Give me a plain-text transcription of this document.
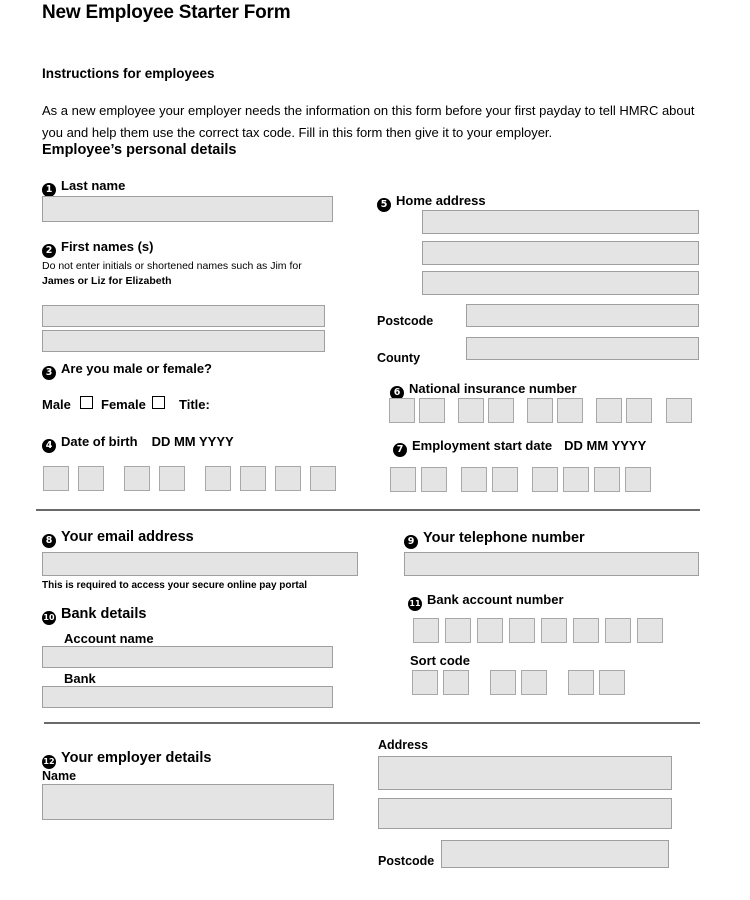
New Employee Starter Form
Instructions for employees
As a new employee your employer needs the information on this form before your first payday to tell HMRC about you and help them use the correct tax code. Fill in this form then give it to your employer.
Employee’s personal details
1 Last name
2 First names (s)
Do not enter initials or shortened names such as Jim for
James or Liz for Elizabeth
3 Are you male or female?
Male Female	Title:
4 Date of birth DD MM YYYY
5 Home address
Postcode
County
6 National insurance number
7 Employment start date DD MM YYYY
8 Your email address
This is required to access your secure online pay portal
10 Bank details
Account name
Bank
9 Your telephone number
11 Bank account number
Sort code
12 Your employer details
Name
Address
Postcode
